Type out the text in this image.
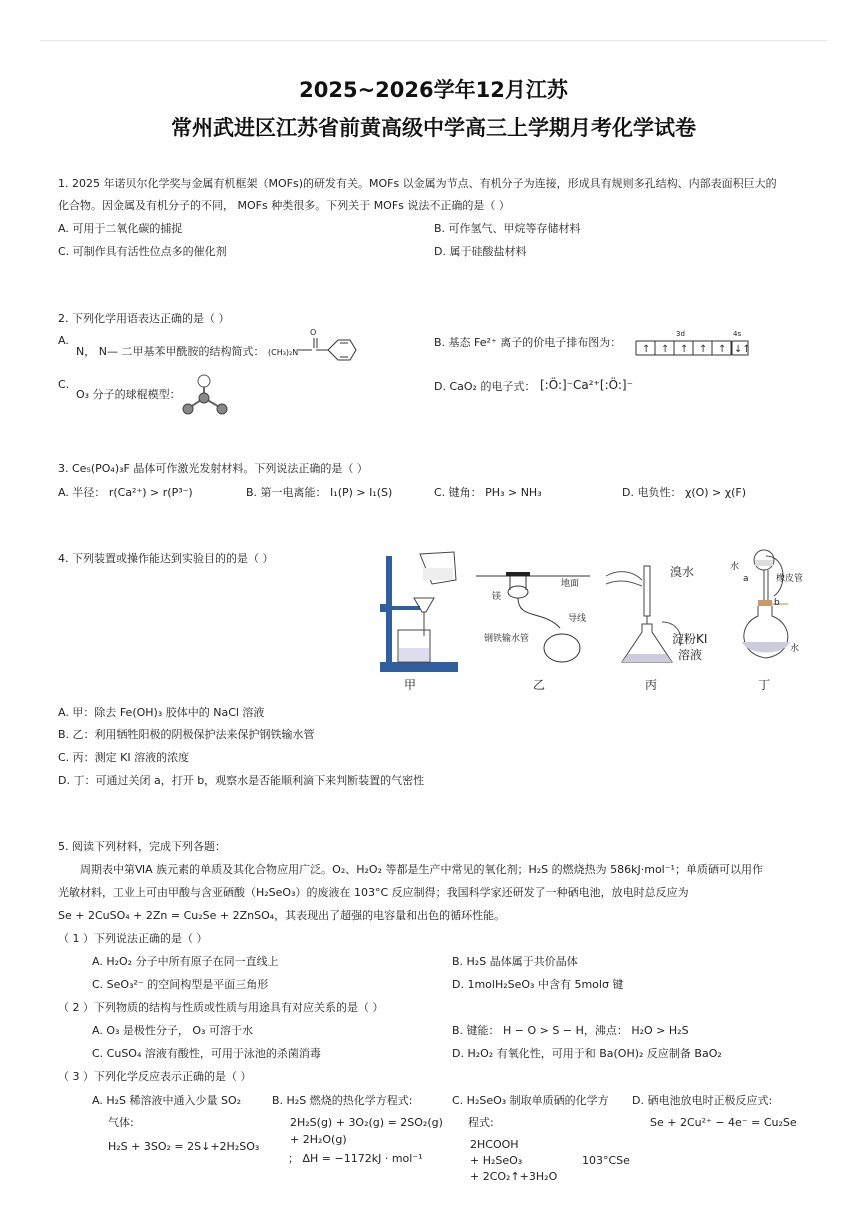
2025~2026学年12月江苏
常州武进区江苏省前黄高级中学高三上学期月考化学试卷
1. 2025 年诺贝尔化学奖与金属有机框架（MOFs)的研发有关。MOFs 以金属为节点、有机分子为连接，形成具有规则多孔结构、内部表面积巨大的
化合物。因金属及有机分子的不同， MOFs 种类很多。下列关于 MOFs 说法不正确的是（ ）
A. 可用于二氧化碳的捕捉	B. 可作氢气、甲烷等存储材料
C. 可制作具有活性位点多的催化剂	D. 属于硅酸盐材料
2. 下列化学用语表达正确的是（ ）
A.
N， N— 二甲基苯甲酰胺的结构简式： (CH₃)₂N
O
B. 基态 Fe²⁺ 离子的价电子排布图为：
3d	4s
↑ ↑ ↑ ↑ ↑ ↓↑
C.
O₃ 分子的球棍模型：
D. CaO₂ 的电子式： [:Ö:]⁻Ca²⁺[:Ö:]⁻
3. Ce₅(PO₄)₃F 晶体可作激光发射材料。下列说法正确的是（ ）
A. 半径： r(Ca²⁺) > r(P³⁻)	B. 第一电离能： I₁(P) > I₁(S)	C. 键角： PH₃ > NH₃	D. 电负性： χ(O) > χ(F)
4. 下列装置或操作能达到实验目的的是（ ）
甲
地面
镁
导线
钢铁输水管
乙
溴水
淀粉KI
溶液
丙
水
a
b
橡皮管
水
丁
A. 甲：除去 Fe(OH)₃ 胶体中的 NaCl 溶液
B. 乙：利用牺牲阳极的阴极保护法来保护钢铁输水管
C. 丙：测定 KI 溶液的浓度
D. 丁：可通过关闭 a，打开 b，观察水是否能顺利滴下来判断装置的气密性
5. 阅读下列材料，完成下列各题：
周期表中第ⅥA 族元素的单质及其化合物应用广泛。O₂、H₂O₂ 等都是生产中常见的氧化剂；H₂S 的燃烧热为 586kJ·mol⁻¹；单质硒可以用作
光敏材料，工业上可由甲酸与含亚硒酸（H₂SeO₃）的废液在 103°C 反应制得；我国科学家还研发了一种硒电池，放电时总反应为
Se + 2CuSO₄ + 2Zn = Cu₂Se + 2ZnSO₄，其表现出了超强的电容量和出色的循环性能。
（ 1 ）下列说法正确的是（ ）
A. H₂O₂ 分子中所有原子在同一直线上	B. H₂S 晶体属于共价晶体
C. SeO₃²⁻ 的空间构型是平面三角形	D. 1molH₂SeO₃ 中含有 5molσ 键
（ 2 ）下列物质的结构与性质或性质与用途具有对应关系的是（ ）
A. O₃ 是极性分子， O₃ 可溶于水	B. 键能： H − O > S − H，沸点： H₂O > H₂S
C. CuSO₄ 溶液有酸性，可用于泳池的杀菌消毒	D. H₂O₂ 有氧化性，可用于和 Ba(OH)₂ 反应制备 BaO₂
（ 3 ）下列化学反应表示正确的是（ ）
A. H₂S 稀溶液中通入少量 SO₂
气体:
H₂S + 3SO₂ = 2S↓+2H₂SO₃
B. H₂S 燃烧的热化学方程式:
2H₂S(g) + 3O₂(g) = 2SO₂(g)
+ 2H₂O(g)
； ΔH = −1172kJ · mol⁻¹
C. H₂SeO₃ 制取单质硒的化学方
程式:
2HCOOH
+ H₂SeO₃	103°CSe
+ 2CO₂↑+3H₂O
D. 硒电池放电时正极反应式:
Se + 2Cu²⁺ − 4e⁻ = Cu₂Se
